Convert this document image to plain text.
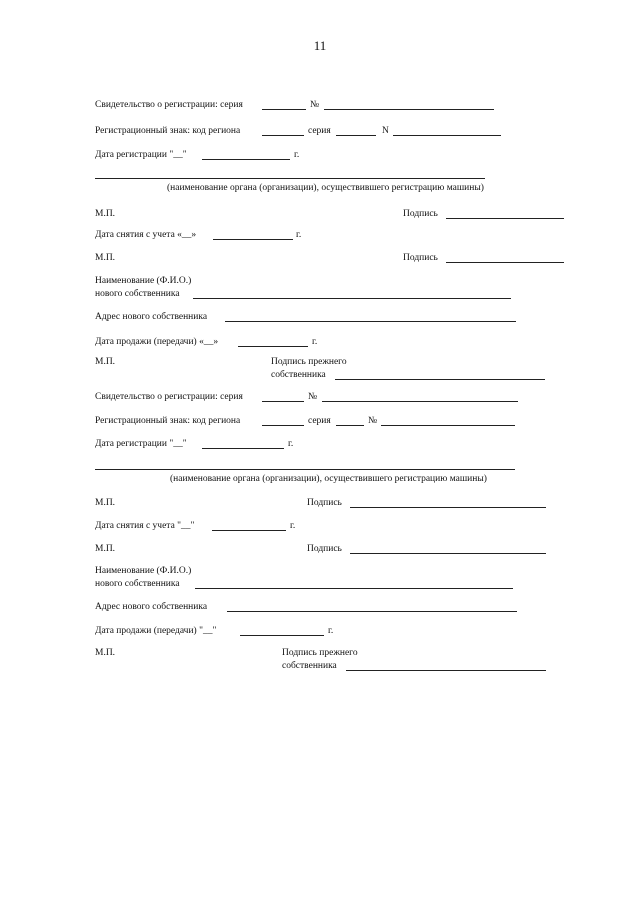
11
Свидетельство о регистрации: серия	№
Регистрационный знак: код региона	серия	N
Дата регистрации "__"	г.
(наименование органа (организации), осуществившего регистрацию машины)
М.П.	Подпись
Дата снятия с учета «__»	г.
М.П.	Подпись
Наименование (Ф.И.О.)
нового собственника
Адрес нового собственника
Дата продажи (передачи) «__»	г.
М.П.	Подпись прежнего
собственника
Свидетельство о регистрации: серия	№
Регистрационный знак: код региона	серия	№
Дата регистрации "__"	г.
(наименование органа (организации), осуществившего регистрацию машины)
М.П.	Подпись
Дата снятия с учета "__"	г.
М.П.	Подпись
Наименование (Ф.И.О.)
нового собственника
Адрес нового собственника
Дата продажи (передачи) "__"	г.
М.П.	Подпись прежнего
собственника
